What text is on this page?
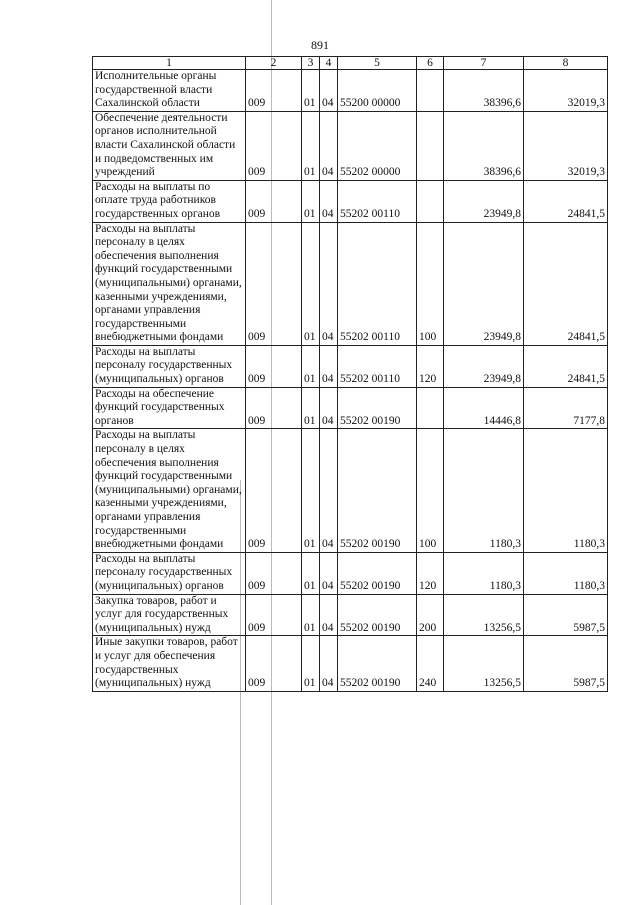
891
1	2	3	4	5	6	7	8
Исполнительные органы государственной власти Сахалинской области	009	01	04	55200 00000		38396,6	32019,3
Обеспечение деятельности органов исполнительной власти Сахалинской области и подведомственных им учреждений	009	01	04	55202 00000		38396,6	32019,3
Расходы на выплаты по оплате труда работников государственных органов	009	01	04	55202 00110		23949,8	24841,5
Расходы на выплаты персоналу в целях обеспечения выполнения функций государственными (муниципальными) органами, казенными учреждениями, органами управления государственными внебюджетными фондами	009	01	04	55202 00110	100	23949,8	24841,5
Расходы на выплаты персоналу государственных (муниципальных) органов	009	01	04	55202 00110	120	23949,8	24841,5
Расходы на обеспечение функций государственных органов	009	01	04	55202 00190		14446,8	7177,8
Расходы на выплаты персоналу в целях обеспечения выполнения функций государственными (муниципальными) органами, казенными учреждениями, органами управления государственными внебюджетными фондами	009	01	04	55202 00190	100	1180,3	1180,3
Расходы на выплаты персоналу государственных (муниципальных) органов	009	01	04	55202 00190	120	1180,3	1180,3
Закупка товаров, работ и услуг для государственных (муниципальных) нужд	009	01	04	55202 00190	200	13256,5	5987,5
Иные закупки товаров, работ и услуг для обеспечения государственных (муниципальных) нужд	009	01	04	55202 00190	240	13256,5	5987,5
